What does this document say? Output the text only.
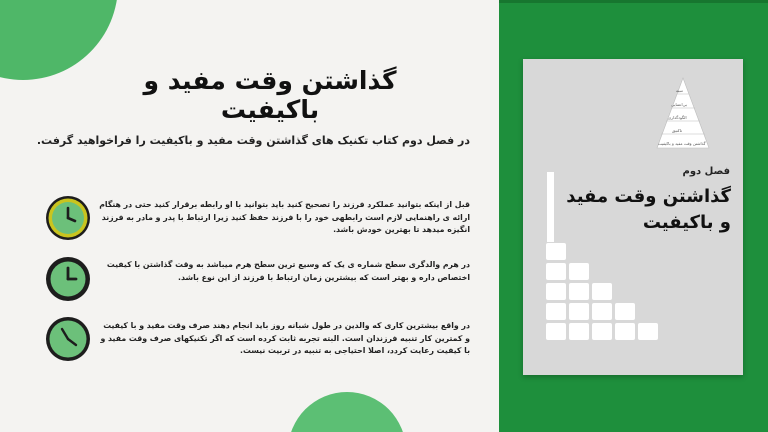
تنبیه
بی‌اعتنایی
الگودگذاری
تاکتیق
گذاشتن وقت مفید و باکیفیت
فصل دوم
گذاشتن وقت مفید
و باکیفیت
گذاشتن وقت مفید و باکیفیت
در فصل دوم کتاب تکنیک های گذاشتن وقت مفید و باکیفیت را فراخواهید گرفت.
قبل از اینکه بتوانید عملکرد فرزند را تصحیح کنید باید بتوانید با او رابطه برقرار کنید حتی در هنگام ارائه ی راهنمایی لازم است رابطهی خود را با فرزند حفظ کنید زیرا ارتباط با پدر و مادر به فرزند انگیزه میدهد تا بهترین خودش باشد.
در هرم والدگری سطح شماره ی یک که وسیع ترین سطح هرم میباشد به وقت گذاشتن با کیفیت اختصاص داره و بهتر است که بیشترین زمان ارتباط با فرزند از این نوع باشد.
در واقع بیشترین کاری که والدین در طول شبانه روز باید انجام دهند صرف وقت مفید و با کیفیت و کمترین کار تنبیه فرزندان است. البته تجربه ثابت کرده است که اگر تکنیکهای صرف وقت مفید و با کیفیت رعایت کردد، اصلا احتیاجی به تنبیه در تربیت نیست.
